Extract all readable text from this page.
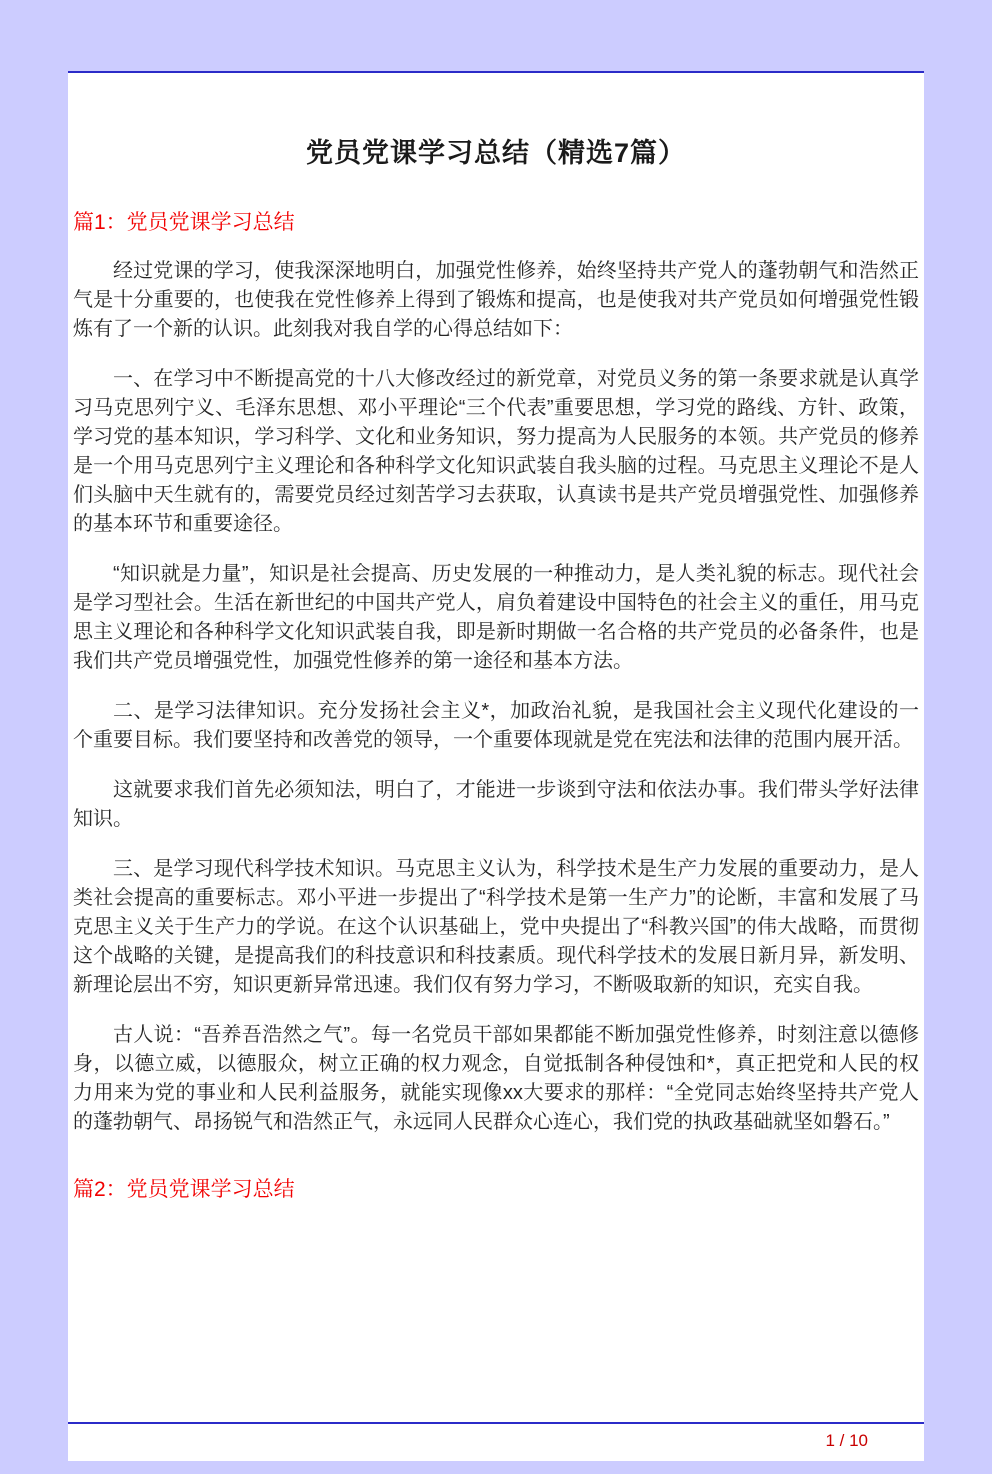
党员党课学习总结（精选7篇）
篇1：党员党课学习总结

经过党课的学习，使我深深地明白，加强党性修养，始终坚持共产党人的蓬勃朝气和浩然正气是十分重要的，也使我在党性修养上得到了锻炼和提高，也是使我对共产党员如何增强党性锻炼有了一个新的认识。此刻我对我自学的心得总结如下：

一、在学习中不断提高党的十八大修改经过的新党章，对党员义务的第一条要求就是认真学习马克思列宁义、毛泽东思想、邓小平理论“三个代表”重要思想，学习党的路线、方针、政策，学习党的基本知识，学习科学、文化和业务知识，努力提高为人民服务的本领。共产党员的修养是一个用马克思列宁主义理论和各种科学文化知识武装自我头脑的过程。马克思主义理论不是人们头脑中天生就有的，需要党员经过刻苦学习去获取，认真读书是共产党员增强党性、加强修养的基本环节和重要途径。

“知识就是力量”，知识是社会提高、历史发展的一种推动力，是人类礼貌的标志。现代社会是学习型社会。生活在新世纪的中国共产党人，肩负着建设中国特色的社会主义的重任，用马克思主义理论和各种科学文化知识武装自我，即是新时期做一名合格的共产党员的必备条件，也是我们共产党员增强党性，加强党性修养的第一途径和基本方法。

二、是学习法律知识。充分发扬社会主义*，加政治礼貌，是我国社会主义现代化建设的一个重要目标。我们要坚持和改善党的领导，一个重要体现就是党在宪法和法律的范围内展开活。

这就要求我们首先必须知法，明白了，才能进一步谈到守法和依法办事。我们带头学好法律知识。

三、是学习现代科学技术知识。马克思主义认为，科学技术是生产力发展的重要动力，是人类社会提高的重要标志。邓小平进一步提出了“科学技术是第一生产力”的论断，丰富和发展了马克思主义关于生产力的学说。在这个认识基础上，党中央提出了“科教兴国”的伟大战略，而贯彻这个战略的关键，是提高我们的科技意识和科技素质。现代科学技术的发展日新月异，新发明、新理论层出不穷，知识更新异常迅速。我们仅有努力学习，不断吸取新的知识，充实自我。

古人说：“吾养吾浩然之气”。每一名党员干部如果都能不断加强党性修养，时刻注意以德修身，以德立威，以德服众，树立正确的权力观念，自觉抵制各种侵蚀和*，真正把党和人民的权力用来为党的事业和人民利益服务，就能实现像xx大要求的那样：“全党同志始终坚持共产党人的蓬勃朝气、昂扬锐气和浩然正气，永远同人民群众心连心，我们党的执政基础就坚如磐石。”

篇2：党员党课学习总结
1 / 10
